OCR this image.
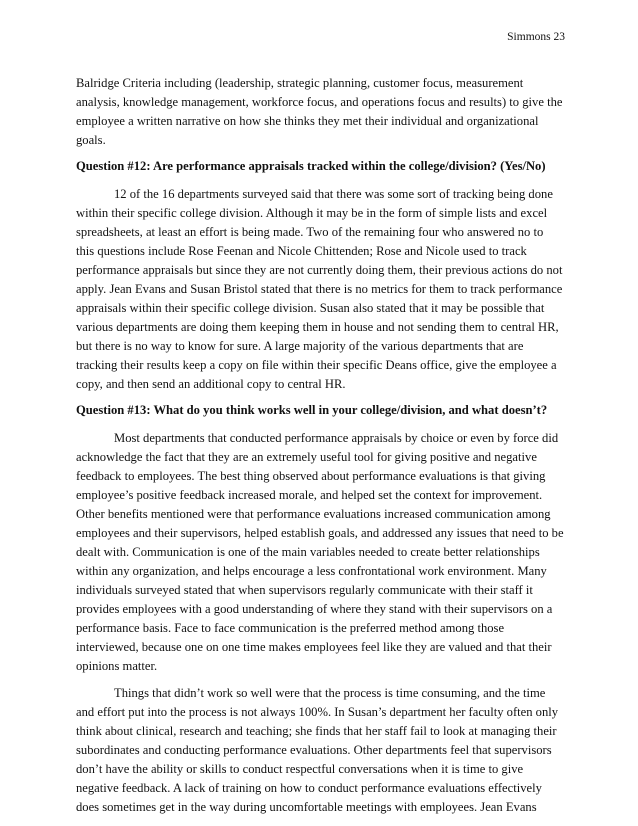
Simmons 23

Balridge Criteria including (leadership, strategic planning, customer focus, measurement analysis, knowledge management, workforce focus, and operations focus and results) to give the employee a written narrative on how she thinks they met their individual and organizational goals.

Question #12: Are performance appraisals tracked within the college/division? (Yes/No)

12 of the 16 departments surveyed said that there was some sort of tracking being done within their specific college division. Although it may be in the form of simple lists and excel spreadsheets, at least an effort is being made. Two of the remaining four who answered no to this questions include Rose Feenan and Nicole Chittenden; Rose and Nicole used to track performance appraisals but since they are not currently doing them, their previous actions do not apply. Jean Evans and Susan Bristol stated that there is no metrics for them to track performance appraisals within their specific college division. Susan also stated that it may be possible that various departments are doing them keeping them in house and not sending them to central HR, but there is no way to know for sure. A large majority of the various departments that are tracking their results keep a copy on file within their specific Deans office, give the employee a copy, and then send an additional copy to central HR.

Question #13: What do you think works well in your college/division, and what doesn’t?

Most departments that conducted performance appraisals by choice or even by force did acknowledge the fact that they are an extremely useful tool for giving positive and negative feedback to employees. The best thing observed about performance evaluations is that giving employee’s positive feedback increased morale, and helped set the context for improvement. Other benefits mentioned were that performance evaluations increased communication among employees and their supervisors, helped establish goals, and addressed any issues that need to be dealt with. Communication is one of the main variables needed to create better relationships within any organization, and helps encourage a less confrontational work environment. Many individuals surveyed stated that when supervisors regularly communicate with their staff it provides employees with a good understanding of where they stand with their supervisors on a performance basis. Face to face communication is the preferred method among those interviewed, because one on one time makes employees feel like they are valued and that their opinions matter.

Things that didn’t work so well were that the process is time consuming, and the time and effort put into the process is not always 100%. In Susan’s department her faculty often only think about clinical, research and teaching; she finds that her staff fail to look at managing their subordinates and conducting performance evaluations. Other departments feel that supervisors don’t have the ability or skills to conduct respectful conversations when it is time to give negative feedback. A lack of training on how to conduct performance evaluations effectively does sometimes get in the way during uncomfortable meetings with employees. Jean Evans
